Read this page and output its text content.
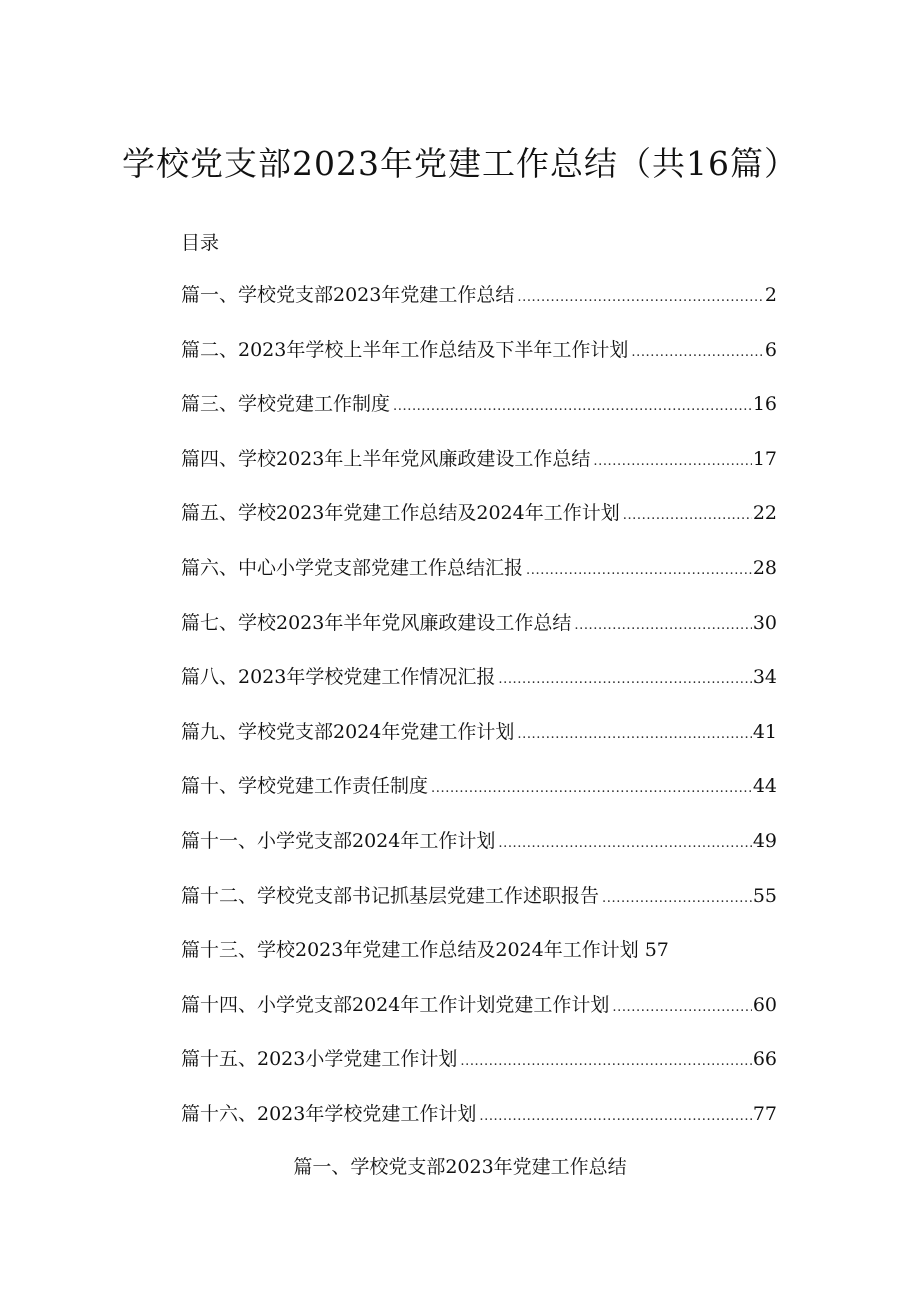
学校党支部2023年党建工作总结（共16篇）
目录
篇一、学校党支部2023年党建工作总结 .....	2
篇二、2023年学校上半年工作总结及下半年工作计划 .....	6
篇三、学校党建工作制度 .....	16
篇四、学校2023年上半年党风廉政建设工作总结 .....	17
篇五、学校2023年党建工作总结及2024年工作计划 .....	22
篇六、中心小学党支部党建工作总结汇报 .....	28
篇七、学校2023年半年党风廉政建设工作总结 .....	30
篇八、2023年学校党建工作情况汇报 .....	34
篇九、学校党支部2024年党建工作计划 .....	41
篇十、学校党建工作责任制度 .....	44
篇十一、小学党支部2024年工作计划 .....	49
篇十二、学校党支部书记抓基层党建工作述职报告 .....	55
篇十三、学校2023年党建工作总结及2024年工作计划 57
篇十四、小学党支部2024年工作计划党建工作计划 .....	60
篇十五、2023小学党建工作计划 .....	66
篇十六、2023年学校党建工作计划 .....	77
篇一、学校党支部2023年党建工作总结
